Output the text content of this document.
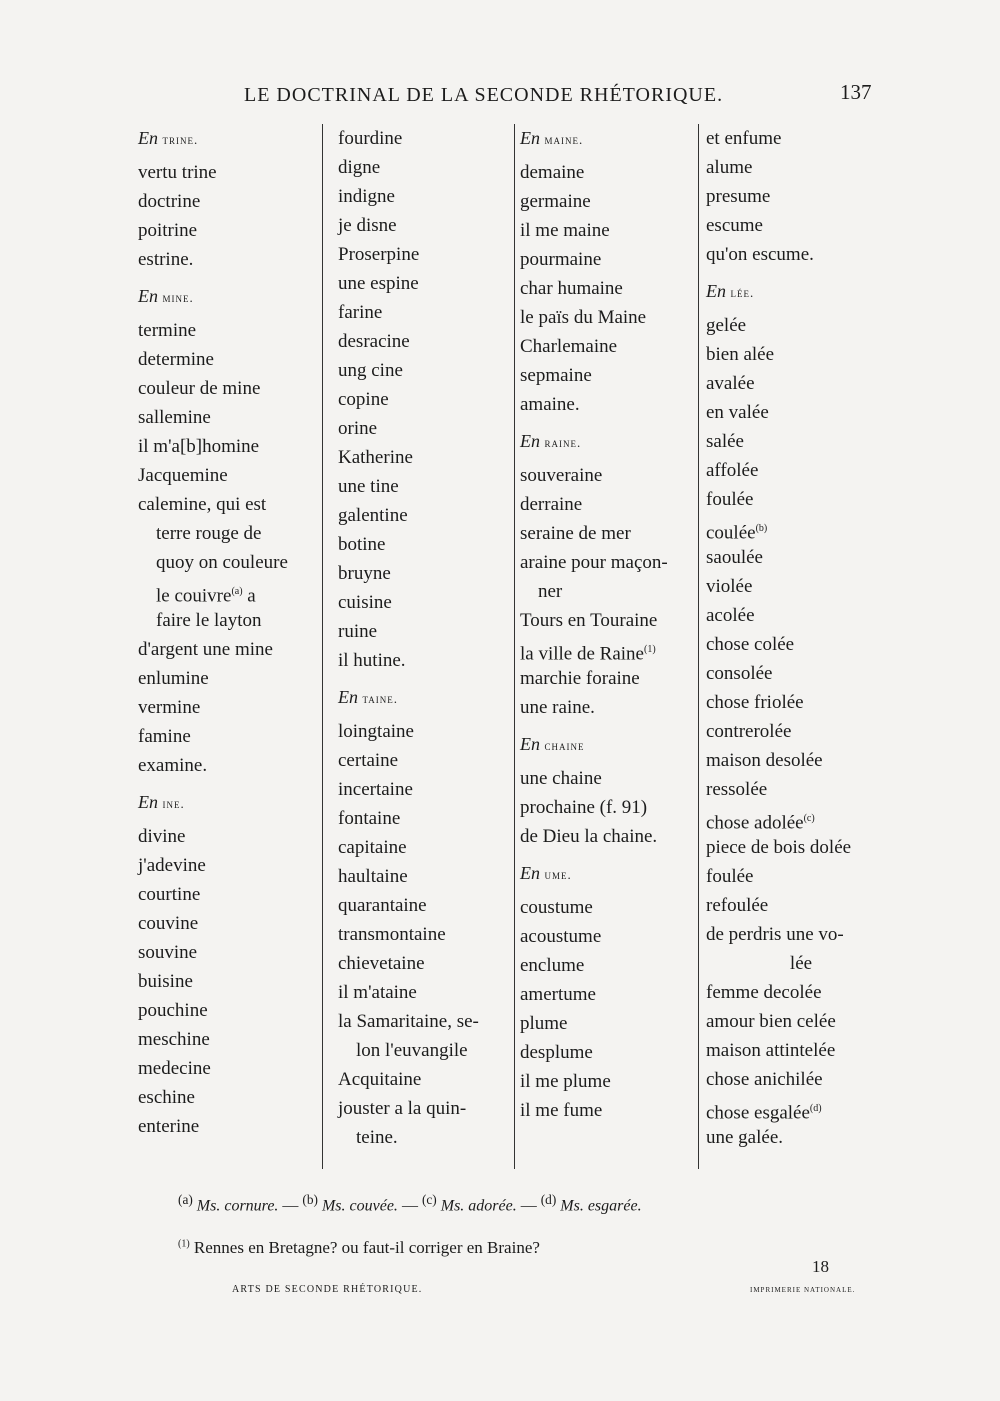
LE DOCTRINAL DE LA SECONDE RHÉTORIQUE.	137
En trine.
vertu trine
doctrine
poitrine
estrine.
En mine.
termine
determine
couleur de mine
sallemine
il m'a[b]homine
Jacquemine
calemine, qui est
terre rouge de
quoy on couleure
le couivre$^{(a)}$ a
faire le layton
d'argent une mine
enlumine
vermine
famine
examine.
En ine.
divine
j'adevine
courtine
couvine
souvine
buisine
pouchine
meschine
medecine
eschine
enterine
fourdine
digne
indigne
je disne
Proserpine
une espine
farine
desracine
ung cine
copine
orine
Katherine
une tine
galentine
botine
bruyne
cuisine
ruine
il hutine.
En taine.
loingtaine
certaine
incertaine
fontaine
capitaine
haultaine
quarantaine
transmontaine
chievetaine
il m'ataine
la Samaritaine, se-
lon l'euvangile
Acquitaine
jouster a la quin-
teine.
En maine.
demaine
germaine
il me maine
pourmaine
char humaine
le païs du Maine
Charlemaine
sepmaine
amaine.
En raine.
souveraine
derraine
seraine de mer
araine pour maçon-
ner
Tours en Touraine
la ville de Raine$^{(1)}$
marchie foraine
une raine.
En chaine
une chaine
prochaine (f. 91)
de Dieu la chaine.
En ume.
coustume
acoustume
enclume
amertume
plume
desplume
il me plume
il me fume
et enfume
alume
presume
escume
qu'on escume.
En lée.
gelée
bien alée
avalée
en valée
salée
affolée
foulée
coulée$^{(b)}$
saoulée
violée
acolée
chose colée
consolée
chose friolée
contrerolée
maison desolée
ressolée
chose adolée$^{(c)}$
piece de bois dolée
foulée
refoulée
de perdris une vo-
lée
femme decolée
amour bien celée
maison attintelée
chose anichilée
chose esgalée$^{(d)}$
une galée.
$^{(a)}$ Ms. cornure. — $^{(b)}$ Ms. couvée. — $^{(c)}$ Ms. adorée. — $^{(d)}$ Ms. esgarée.
$^{(1)}$ Rennes en Bretagne? ou faut-il corriger en Braine?
ARTS DE SECONDE RHÉTORIQUE.
18
IMPRIMERIE NATIONALE.
